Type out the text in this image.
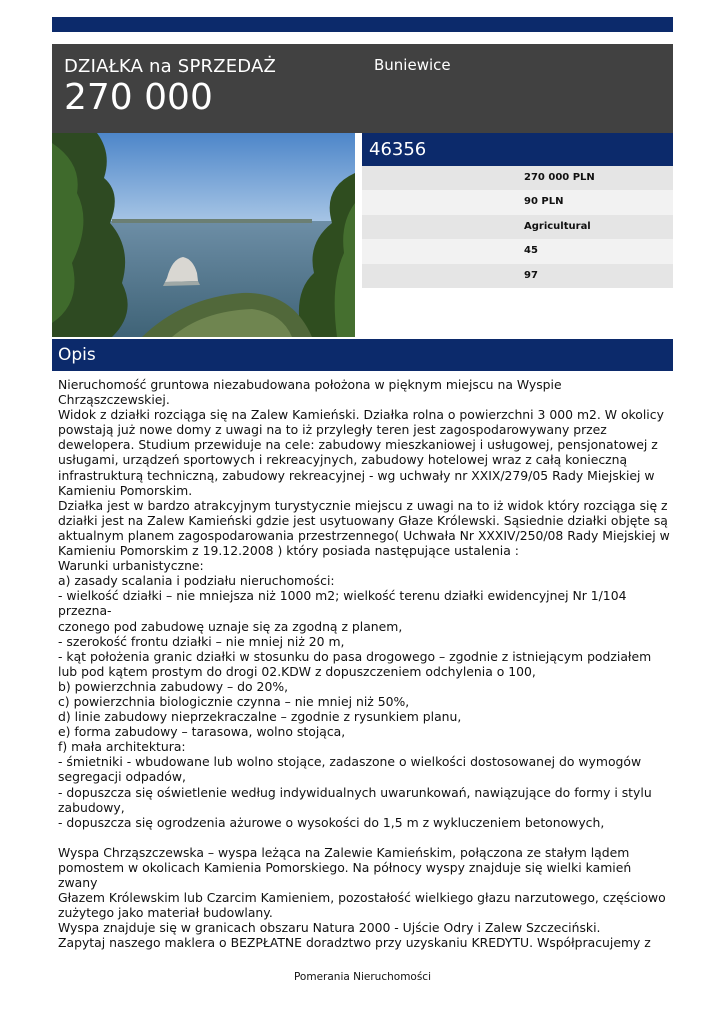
DZIAŁKA na SPRZEDAŻ
270 000
Buniewice
46356
270 000 PLN
90 PLN
Agricultural
45
97
Opis

Nieruchomość gruntowa niezabudowana położona w pięknym miejscu na Wyspie Chrząszczewskiej.

Widok z działki rozciąga się na Zalew Kamieński. Działka rolna o powierzchni 3 000 m2. W okolicy

powstają już nowe domy z uwagi na to iż przyległy teren jest zagospodarowywany przez

dewelopera. Studium przewiduje na cele: zabudowy mieszkaniowej i usługowej, pensjonatowej z

usługami, urządzeń sportowych i rekreacyjnych, zabudowy hotelowej wraz z całą konieczną

infrastrukturą techniczną, zabudowy rekreacyjnej - wg uchwały nr XXIX/279/05 Rady Miejskiej w

Kamieniu Pomorskim.

Działka jest w bardzo atrakcyjnym turystycznie miejscu z uwagi na to iż widok który rozciąga się z

działki jest na Zalew Kamieński gdzie jest usytuowany Głaze Królewski. Sąsiednie działki objęte są

aktualnym planem zagospodarowania przestrzennego( Uchwała Nr XXXIV/250/08 Rady Miejskiej w

Kamieniu Pomorskim z 19.12.2008 ) który posiada następujące ustalenia :

Warunki urbanistyczne:

a) zasady scalania i podziału nieruchomości:

- wielkość działki – nie mniejsza niż 1000 m2; wielkość terenu działki ewidencyjnej Nr 1/104

przezna-

czonego pod zabudowę uznaje się za zgodną z planem,

- szerokość frontu działki – nie mniej niż 20 m,

- kąt położenia granic działki w stosunku do pasa drogowego – zgodnie z istniejącym podziałem

lub pod kątem prostym do drogi 02.KDW z dopuszczeniem odchylenia o 100,

b) powierzchnia zabudowy – do 20%,

c) powierzchnia biologicznie czynna – nie mniej niż 50%,

d) linie zabudowy nieprzekraczalne – zgodnie z rysunkiem planu,

e) forma zabudowy – tarasowa, wolno stojąca,

f) mała architektura:

- śmietniki - wbudowane lub wolno stojące, zadaszone o wielkości dostosowanej do wymogów

segregacji odpadów,

- dopuszcza się oświetlenie według indywidualnych uwarunkowań, nawiązujące do formy i stylu

zabudowy,

- dopuszcza się ogrodzenia ażurowe o wysokości do 1,5 m z wykluczeniem betonowych,

Wyspa Chrząszczewska – wyspa leżąca na Zalewie Kamieńskim, połączona ze stałym lądem

pomostem w okolicach Kamienia Pomorskiego. Na północy wyspy znajduje się wielki kamień zwany

Głazem Królewskim lub Czarcim Kamieniem, pozostałość wielkiego głazu narzutowego, częściowo

zużytego jako materiał budowlany.

Wyspa znajduje się w granicach obszaru Natura 2000 - Ujście Odry i Zalew Szczeciński.

Zapytaj naszego maklera o BEZPŁATNE doradztwo przy uzyskaniu KREDYTU. Współpracujemy z

Pomerania Nieruchomości
